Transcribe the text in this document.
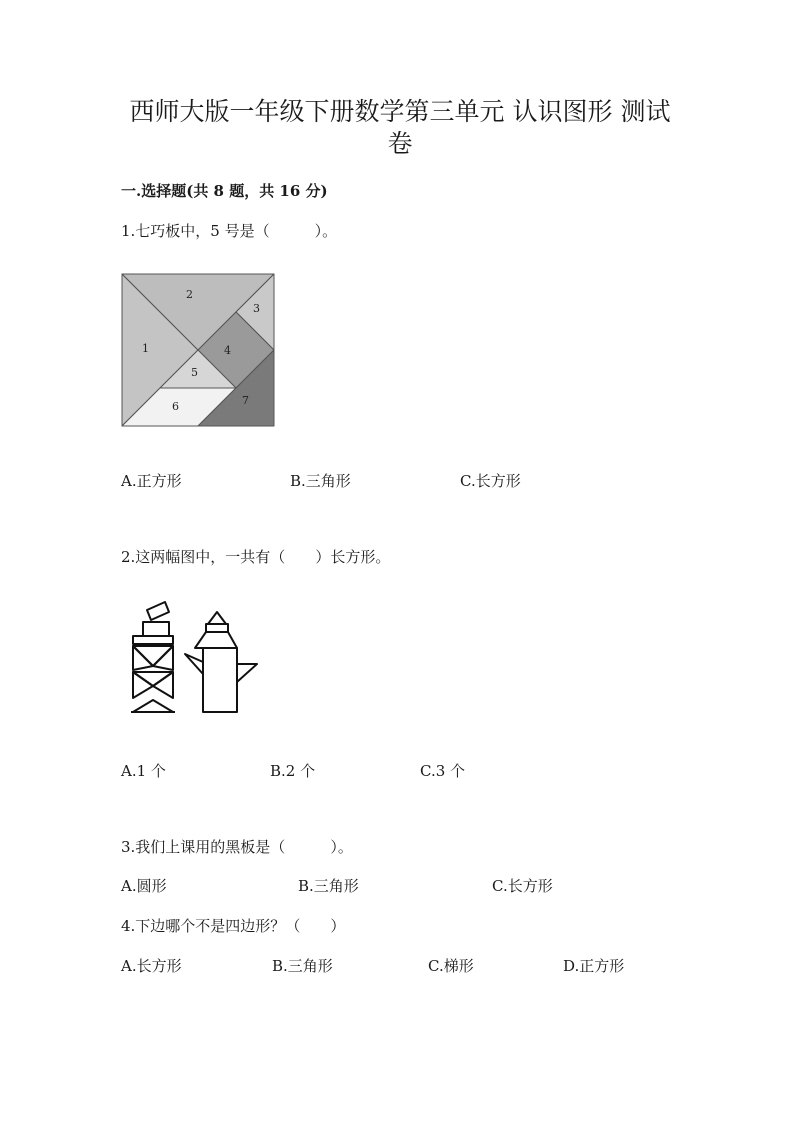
西师大版一年级下册数学第三单元 认识图形 测试
卷
一.选择题(共 8 题，共 16 分)
1.七巧板中，5 号是（　　　）。
1
2
3
4
5
6	7
A.正方形	B.三角形	C.长方形
2.这两幅图中，一共有（　　）长方形。
A.1 个	B.2 个	C.3 个
3.我们上课用的黑板是（　　　）。
A.圆形	B.三角形	C.长方形
4.下边哪个不是四边形？（　　）
A.长方形	B.三角形	C.梯形	D.正方形
